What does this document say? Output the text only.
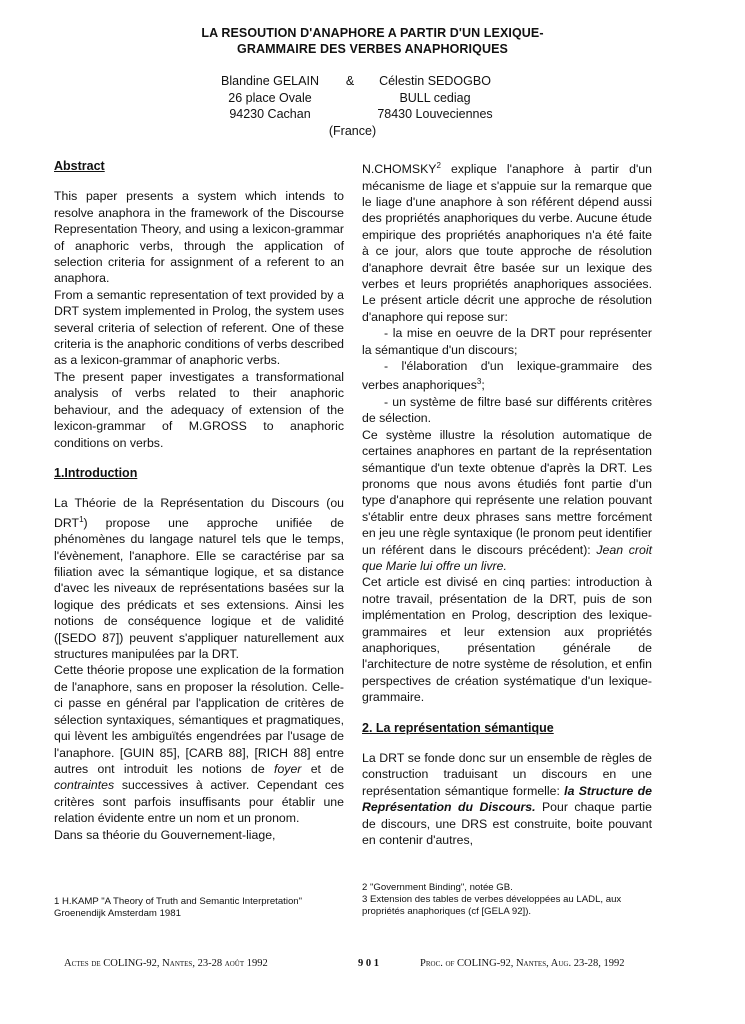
LA RESOUTION D'ANAPHORE A PARTIR D'UN LEXIQUE-
GRAMMAIRE DES VERBES ANAPHORIQUES
Blandine GELAIN	&	Célestin SEDOGBO
26 place Ovale	BULL cediag
94230 Cachan	78430 Louveciennes
(France)
Abstract

This paper presents a system which intends to resolve anaphora in the framework of the Discourse Representation Theory, and using a lexicon-grammar of anaphoric verbs, through the application of selection criteria for assignment of a referent to an anaphora.

From a semantic representation of text provided by a DRT system implemented in Prolog, the system uses several criteria of selection of referent. One of these criteria is the anaphoric conditions of verbs described as a lexicon-grammar of anaphoric verbs.

The present paper investigates a transformational analysis of verbs related to their anaphoric behaviour, and the adequacy of extension of the lexicon-grammar of M.GROSS to anaphoric conditions on verbs.

1.Introduction

La Théorie de la Représentation du Discours (ou DRT$^1$) propose une approche unifiée de phénomènes du langage naturel tels que le temps, l'évènement, l'anaphore. Elle se caractérise par sa filiation avec la sémantique logique, et sa distance d'avec les niveaux de représentations basées sur la logique des prédicats et ses extensions. Ainsi les notions de conséquence logique et de validité ([SEDO 87]) peuvent s'appliquer naturellement aux structures manipulées par la DRT.

Cette théorie propose une explication de la formation de l'anaphore, sans en proposer la résolution. Celle-ci passe en général par l'application de critères de sélection syntaxiques, sémantiques et pragmatiques, qui lèvent les ambiguïtés engendrées par l'usage de l'anaphore. [GUIN 85], [CARB 88], [RICH 88] entre autres ont introduit les notions de foyer et de contraintes successives à activer. Cependant ces critères sont parfois insuffisants pour établir une relation évidente entre un nom et un pronom.

Dans sa théorie du Gouvernement-liage,

1 H.KAMP "A Theory of Truth and Semantic Interpretation" Groenendijk Amsterdam 1981

N.CHOMSKY$^2$ explique l'anaphore à partir d'un mécanisme de liage et s'appuie sur la remarque que le liage d'une anaphore à son référent dépend aussi des propriétés anaphoriques du verbe. Aucune étude empirique des propriétés anaphoriques n'a été faite à ce jour, alors que toute approche de résolution d'anaphore devrait être basée sur un lexique des verbes et leurs propriétés anaphoriques associées. Le présent article décrit une approche de résolution d'anaphore qui repose sur:

- la mise en oeuvre de la DRT pour représenter la sémantique d'un discours;

- l'élaboration d'un lexique-grammaire des verbes anaphoriques$^3$;

- un système de filtre basé sur différents critères de sélection.

Ce système illustre la résolution automatique de certaines anaphores en partant de la représentation sémantique d'un texte obtenue d'après la DRT. Les pronoms que nous avons étudiés font partie d'un type d'anaphore qui représente une relation pouvant s'établir entre deux phrases sans mettre forcément en jeu une règle syntaxique (le pronom peut identifier un référent dans le discours précédent): Jean croit que Marie lui offre un livre.

Cet article est divisé en cinq parties: introduction à notre travail, présentation de la DRT, puis de son implémentation en Prolog, description des lexique-grammaires et leur extension aux propriétés anaphoriques, présentation générale de l'architecture de notre système de résolution, et enfin perspectives de création systématique d'un lexique-grammaire.

2. La représentation sémantique

La DRT se fonde donc sur un ensemble de règles de construction traduisant un discours en une représentation sémantique formelle: la Structure de Représentation du Discours. Pour chaque partie de discours, une DRS est construite, boite pouvant en contenir d'autres,

2 "Government Binding", notée GB.
3 Extension des tables de verbes développées au LADL, aux propriétés anaphoriques (cf [GELA 92]).
Actes de COLING-92, Nantes, 23-28 août 1992	9 0 1	Proc. of COLING-92, Nantes, Aug. 23-28, 1992
